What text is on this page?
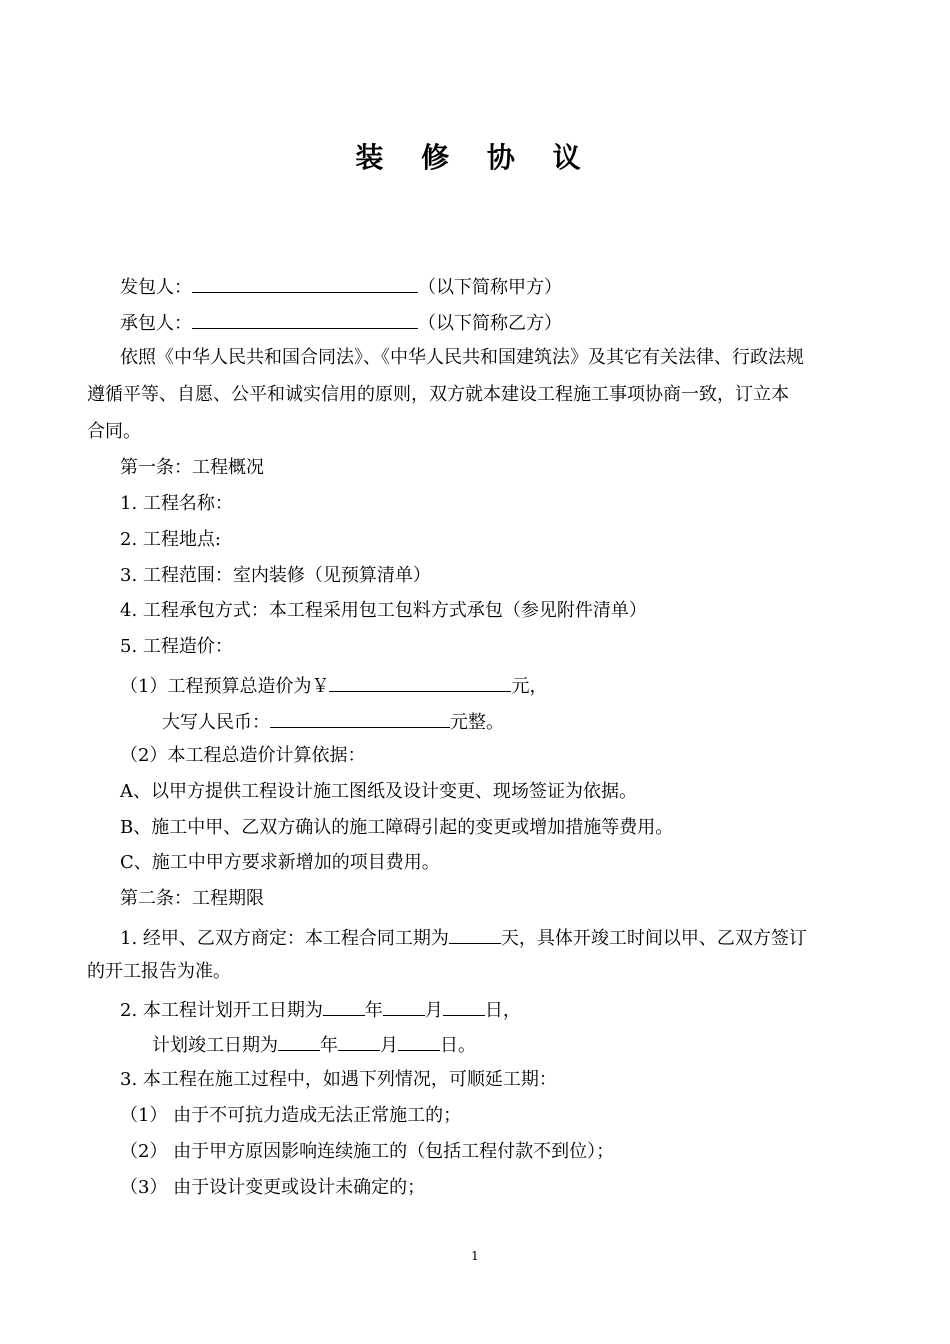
装 修 协 议
发包人：	（以下简称甲方）
承包人：	（以下简称乙方）
依照《中华人民共和国合同法》、《中华人民共和国建筑法》及其它有关法律、行政法规
遵循平等、自愿、公平和诚实信用的原则，双方就本建设工程施工事项协商一致，订立本
合同。
第一条：工程概况
1. 工程名称：
2. 工程地点:
3. 工程范围：室内装修（见预算清单）
4. 工程承包方式：本工程采用包工包料方式承包（参见附件清单）
5. 工程造价：
（1）工程预算总造价为￥	元，
大写人民币：	元整。
（2）本工程总造价计算依据：
A、以甲方提供工程设计施工图纸及设计变更、现场签证为依据。
B、施工中甲、乙双方确认的施工障碍引起的变更或增加措施等费用。
C、施工中甲方要求新增加的项目费用。
第二条：工程期限
1. 经甲、乙双方商定：本工程合同工期为	天，具体开竣工时间以甲、乙双方签订
的开工报告为准。
2. 本工程计划开工日期为 年 月 日，
计划竣工日期为 年 月 日。
3. 本工程在施工过程中，如遇下列情况，可顺延工期：
（1） 由于不可抗力造成无法正常施工的；
（2） 由于甲方原因影响连续施工的（包括工程付款不到位）；
（3） 由于设计变更或设计未确定的；
1
